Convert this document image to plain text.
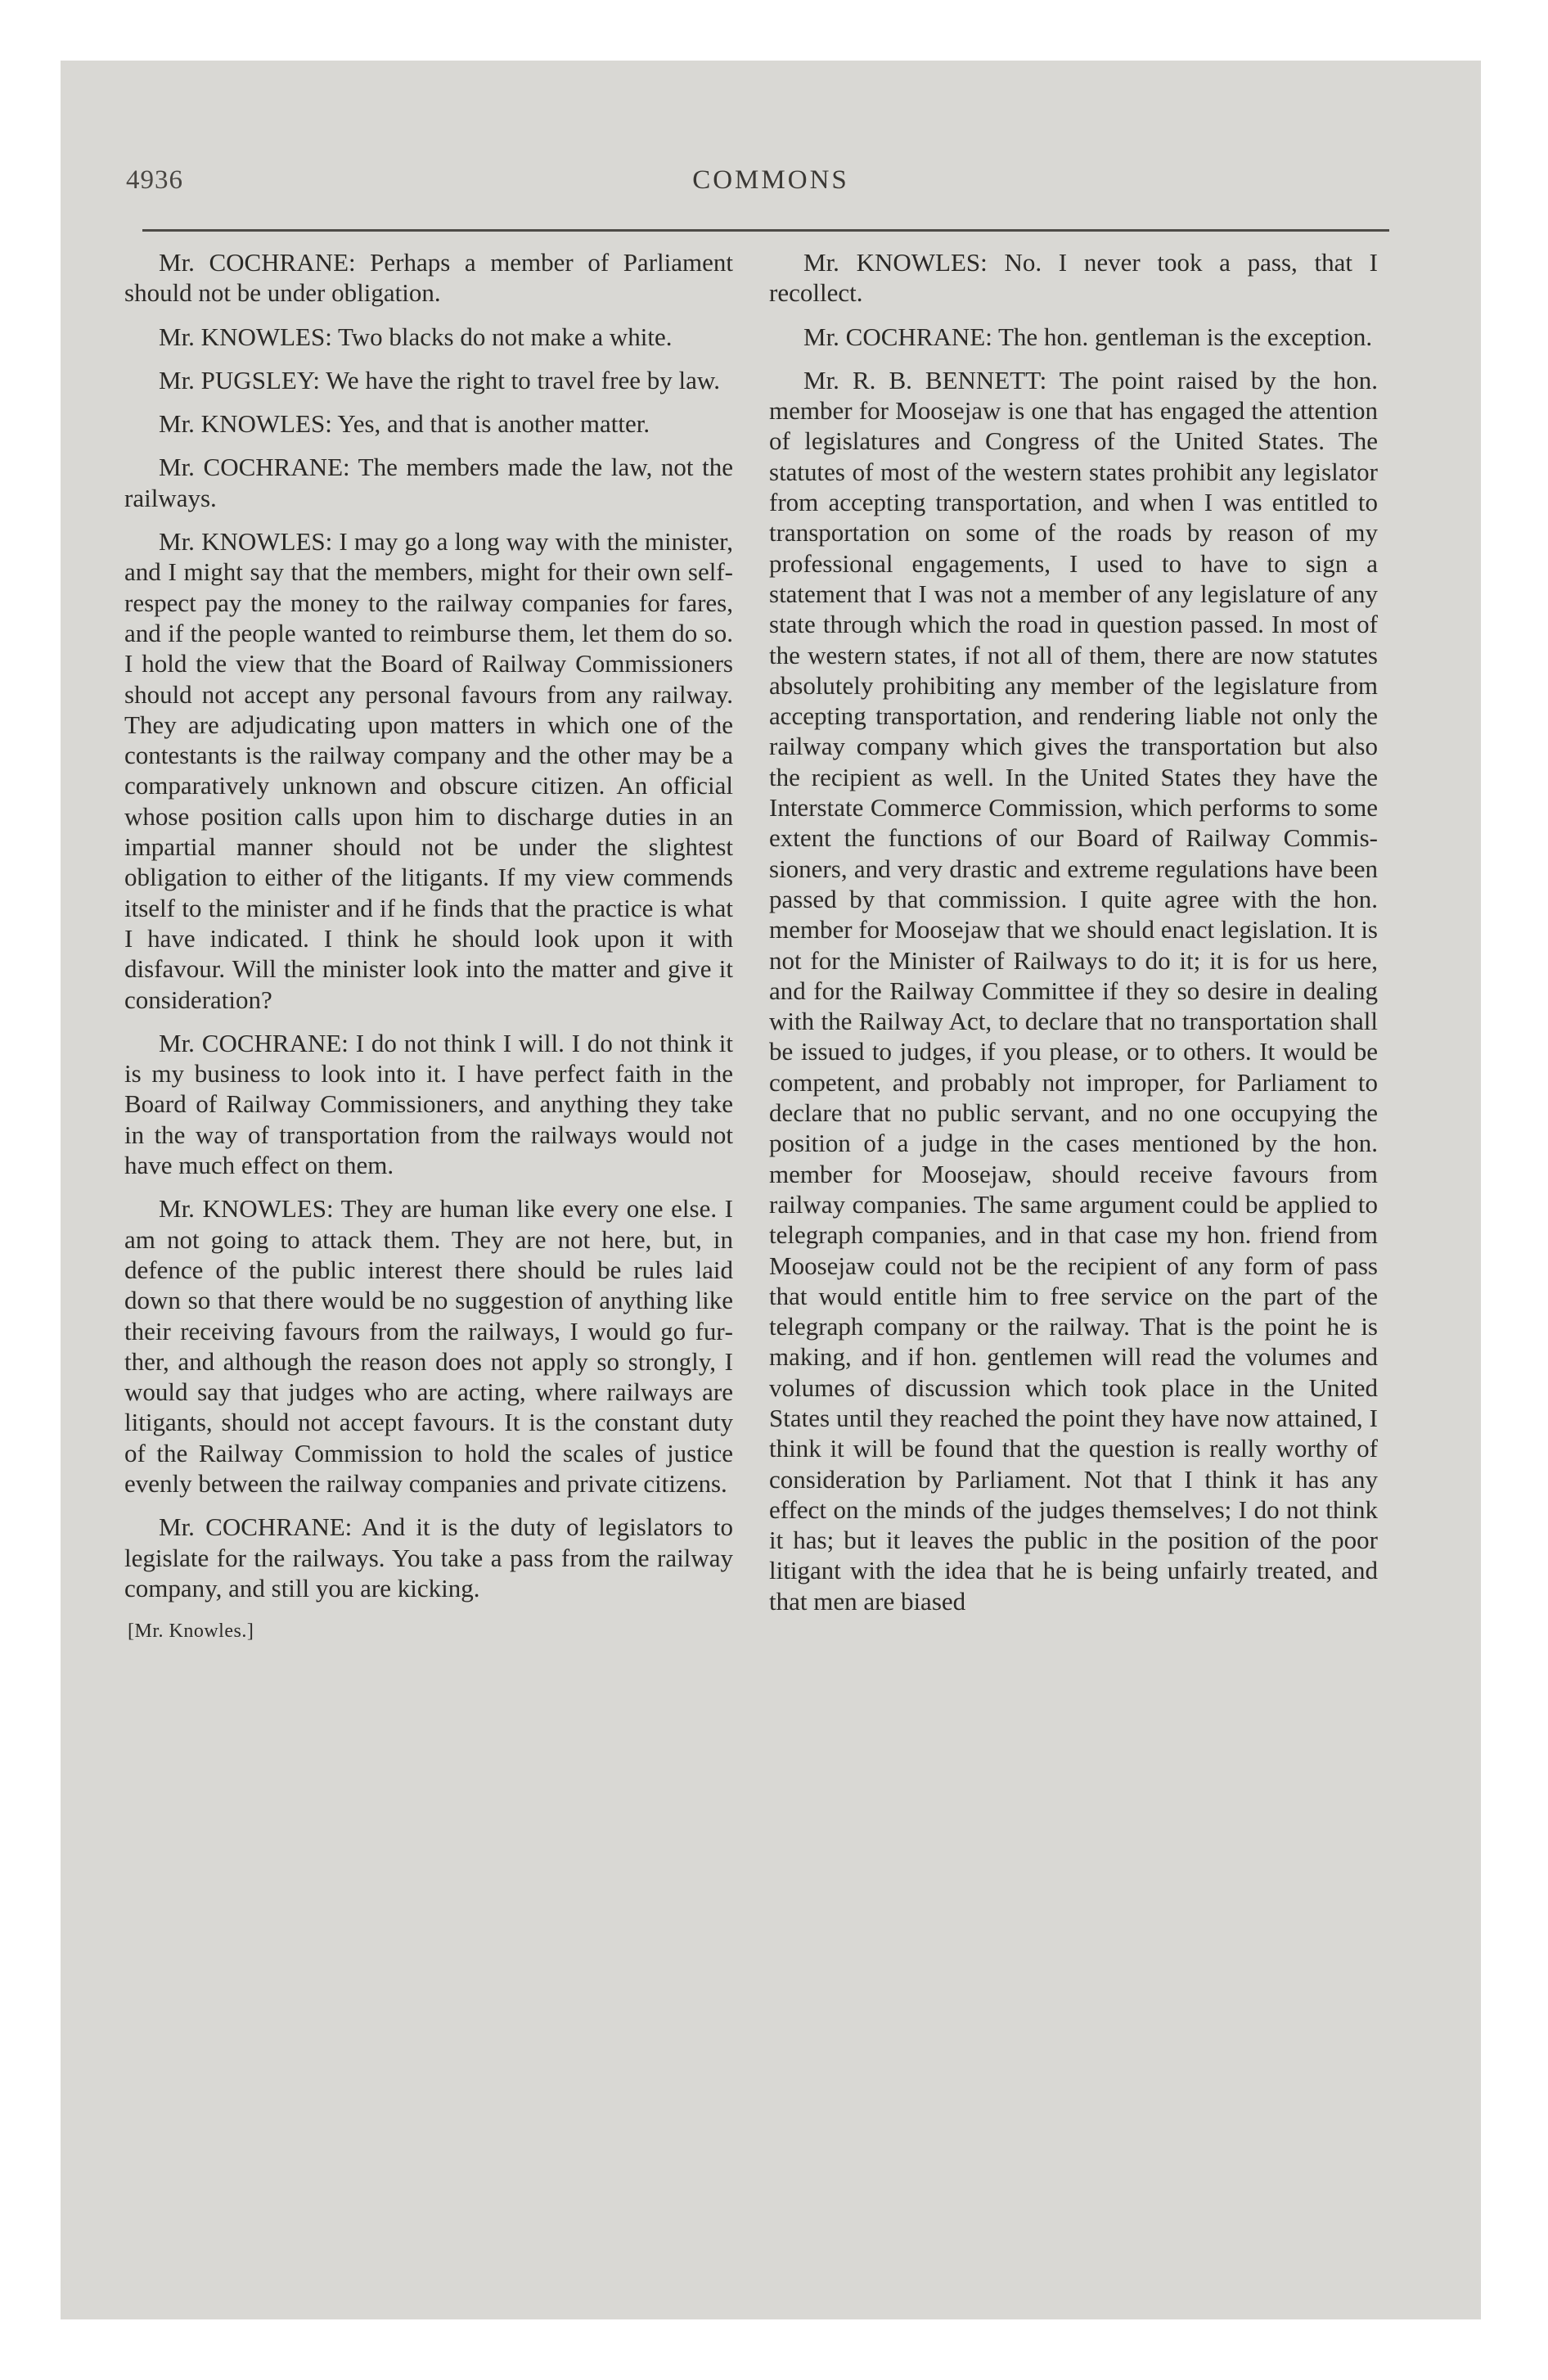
4936	COMMONS

Mr. COCHRANE: Perhaps a member of Parliament should not be under obligation.

Mr. KNOWLES: Two blacks do not make a white.

Mr. PUGSLEY: We have the right to travel free by law.

Mr. KNOWLES: Yes, and that is another matter.

Mr. COCHRANE: The members made the law, not the railways.

Mr. KNOWLES: I may go a long way with the minister, and I might say that the members, might for their own self-respect pay the money to the railway companies for fares, and if the people wanted to reimburse them, let them do so. I hold the view that the Board of Railway Commissioners should not accept any personal favours from any railway. They are adjudicating upon matters in which one of the contestants is the railway company and the other may be a comparatively unknown and obscure citizen. An official whose position calls upon him to discharge duties in an impartial manner should not be under the slightest obligation to either of the litigants. If my view commends itself to the minister and if he finds that the practice is what I have indicated. I think he should look upon it with disfavour. Will the minister look into the matter and give it consideration?

Mr. COCHRANE: I do not think I will. I do not think it is my business to look into it. I have perfect faith in the Board of Railway Commissioners, and anything they take in the way of transportation from the railways would not have much effect on them.

Mr. KNOWLES: They are human like every one else. I am not going to attack them. They are not here, but, in defence of the public interest there should be rules laid down so that there would be no suggestion of anything like their receiving favours from the railways, I would go further, and although the reason does not apply so strongly, I would say that judges who are acting, where railways are litigants, should not accept favours. It is the constant duty of the Railway Commission to hold the scales of justice evenly between the railway companies and private citizens.

Mr. COCHRANE: And it is the duty of legislators to legislate for the railways. You take a pass from the railway company, and still you are kicking.

[Mr. Knowles.]

Mr. KNOWLES: No. I never took a pass, that I recollect.

Mr. COCHRANE: The hon. gentleman is the exception.

Mr. R. B. BENNETT: The point raised by the hon. member for Moosejaw is one that has engaged the attention of legislatures and Congress of the United States. The statutes of most of the western states prohibit any legislator from accepting transportation, and when I was entitled to transportation on some of the roads by reason of my professional engagements, I used to have to sign a statement that I was not a member of any legislature of any state through which the road in question passed. In most of the western states, if not all of them, there are now statutes absolutely prohibiting any member of the legislature from accepting transportation, and rendering liable not only the railway company which gives the transportation but also the recipient as well. In the United States they have the Interstate Commerce Commission, which performs to some extent the functions of our Board of Railway Commissioners, and very drastic and extreme regulations have been passed by that commission. I quite agree with the hon. member for Moosejaw that we should enact legislation. It is not for the Minister of Railways to do it; it is for us here, and for the Railway Committee if they so desire in dealing with the Railway Act, to declare that no transportation shall be issued to judges, if you please, or to others. It would be competent, and probably not improper, for Parliament to declare that no public servant, and no one occupying the position of a judge in the cases mentioned by the hon. member for Moosejaw, should receive favours from railway companies. The same argument could be applied to telegraph companies, and in that case my hon. friend from Moosejaw could not be the recipient of any form of pass that would entitle him to free service on the part of the telegraph company or the railway. That is the point he is making, and if hon. gentlemen will read the volumes and volumes of discussion which took place in the United States until they reached the point they have now attained, I think it will be found that the question is really worthy of consideration by Parliament. Not that I think it has any effect on the minds of the judges themselves; I do not think it has; but it leaves the public in the position of the poor litigant with the idea that he is being unfairly treated, and that men are biased
